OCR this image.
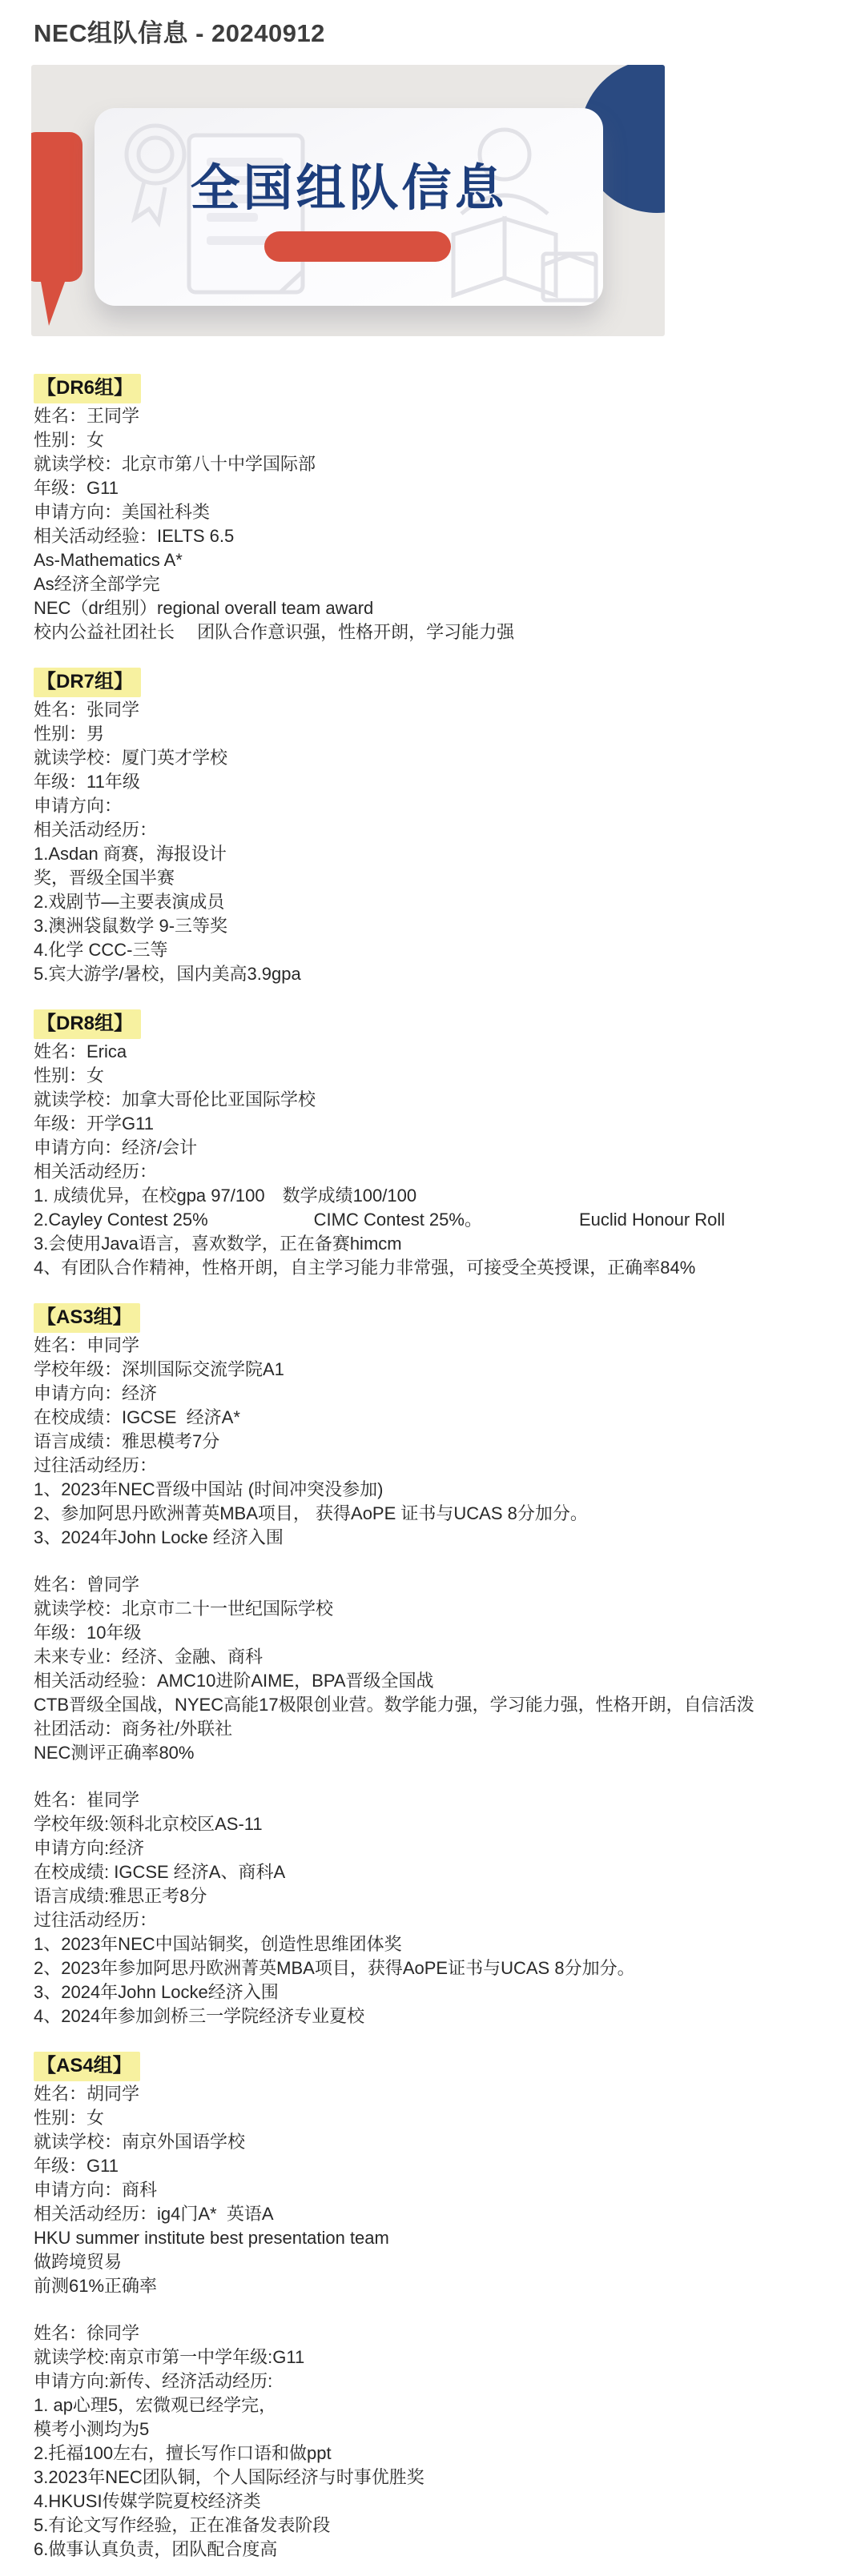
NEC组队信息 - 20240912
全国组队信息
【DR6组】

姓名：王同学

性别：女

就读学校：北京市第八十中学国际部

年级：G11

申请方向：美国社科类

相关活动经验：IELTS 6.5

As-Mathematics A*

As经济全部学完

NEC（dr组别）regional overall team award

校内公益社团社长　 团队合作意识强，性格开朗，学习能力强

【DR7组】

姓名：张同学

性别：男

就读学校：厦门英才学校

年级：11年级

申请方向：

相关活动经历：

1.Asdan 商赛，海报设计

奖，晋级全国半赛

2.戏剧节—主要表演成员

3.澳洲袋鼠数学 9-三等奖

4.化学 CCC-三等

5.宾大游学/暑校，国内美高3.9gpa

【DR8组】

姓名：Erica

性别：女

就读学校：加拿大哥伦比亚国际学校

年级：开学G11

申请方向：经济/会计

相关活动经历：

1. 成绩优异，在校gpa 97/100　数学成绩100/100

2.Cayley Contest 25%　　　　　　CIMC Contest 25%。　　　　　　Euclid Honour Roll

3.会使用Java语言，喜欢数学，正在备赛himcm

4、有团队合作精神，性格开朗，自主学习能力非常强，可接受全英授课，正确率84%

【AS3组】

姓名：申同学

学校年级：深圳国际交流学院A1

申请方向：经济

在校成绩：IGCSE  经济A*

语言成绩：雅思模考7分

过往活动经历：

1、2023年NEC晋级中国站 (时间冲突没参加)

2、参加阿思丹欧洲菁英MBA项目， 获得AoPE 证书与UCAS 8分加分。

3、2024年John Locke 经济入围

姓名：曾同学

就读学校：北京市二十一世纪国际学校

年级：10年级

未来专业：经济、金融、商科

相关活动经验：AMC10进阶AIME，BPA晋级全国战

CTB晋级全国战，NYEC高能17极限创业营。数学能力强，学习能力强，性格开朗，自信活泼

社团活动：商务社/外联社

NEC测评正确率80%

姓名：崔同学

学校年级:领科北京校区AS-11

申请方向:经济

在校成绩: IGCSE 经济A、商科A

语言成绩:雅思正考8分

过往活动经历：

1、2023年NEC中国站铜奖，创造性思维团体奖

2、2023年参加阿思丹欧洲菁英MBA项目，获得AoPE证书与UCAS 8分加分。

3、2024年John Locke经济入围

4、2024年参加剑桥三一学院经济专业夏校

【AS4组】

姓名：胡同学

性别：女

就读学校：南京外国语学校

年级：G11

申请方向：商科

相关活动经历：ig4门A*  英语A

HKU summer institute best presentation team

做跨境贸易

前测61%正确率

姓名：徐同学

就读学校:南京市第一中学年级:G11

申请方向:新传、经济活动经历:

1. ap心理5，宏微观已经学完，

模考小测均为5

2.托福100左右，擅长写作口语和做ppt

3.2023年NEC团队铜，个人国际经济与时事优胜奖

4.HKUSI传媒学院夏校经济类

5.有论文写作经验，正在准备发表阶段

6.做事认真负责，团队配合度高
